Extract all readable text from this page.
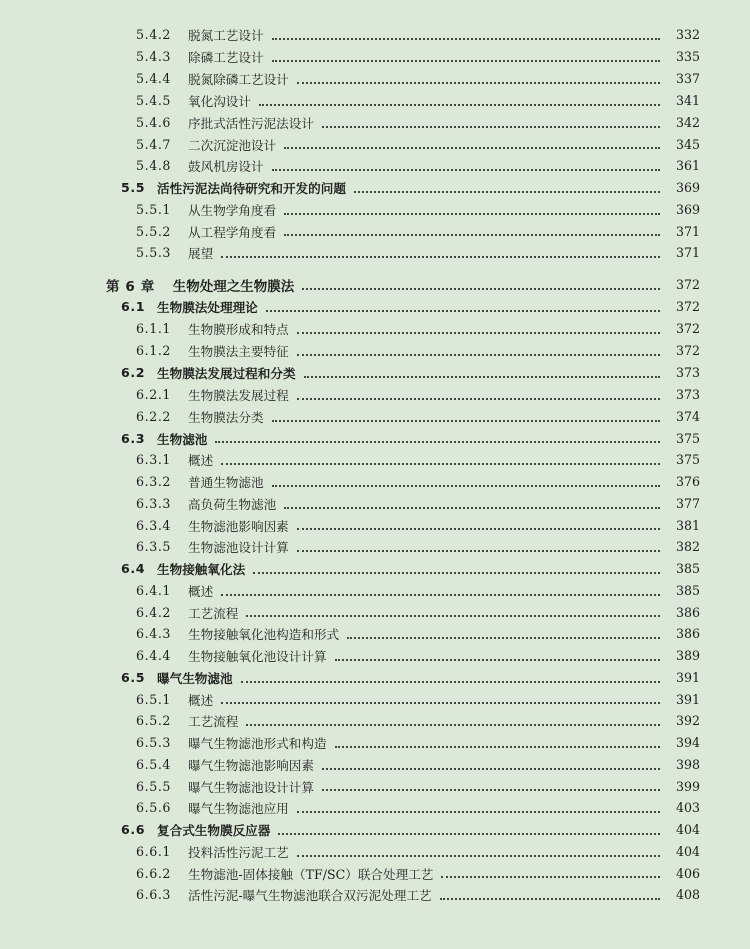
5.4.2	脱氮工艺设计	332
5.4.3	除磷工艺设计	335
5.4.4	脱氮除磷工艺设计	337
5.4.5	氧化沟设计	341
5.4.6	序批式活性污泥法设计	342
5.4.7	二次沉淀池设计	345
5.4.8	鼓风机房设计	361
5.5 活性污泥法尚待研究和开发的问题	369
5.5.1	从生物学角度看	369
5.5.2	从工程学角度看	371
5.5.3	展望	371
第 6 章 生物处理之生物膜法	372
6.1 生物膜法处理理论	372
6.1.1	生物膜形成和特点	372
6.1.2	生物膜法主要特征	372
6.2 生物膜法发展过程和分类	373
6.2.1	生物膜法发展过程	373
6.2.2	生物膜法分类	374
6.3 生物滤池	375
6.3.1	概述	375
6.3.2	普通生物滤池	376
6.3.3	高负荷生物滤池	377
6.3.4	生物滤池影响因素	381
6.3.5	生物滤池设计计算	382
6.4 生物接触氧化法	385
6.4.1	概述	385
6.4.2	工艺流程	386
6.4.3	生物接触氧化池构造和形式	386
6.4.4	生物接触氧化池设计计算	389
6.5 曝气生物滤池	391
6.5.1	概述	391
6.5.2	工艺流程	392
6.5.3	曝气生物滤池形式和构造	394
6.5.4	曝气生物滤池影响因素	398
6.5.5	曝气生物滤池设计计算	399
6.5.6	曝气生物滤池应用	403
6.6 复合式生物膜反应器	404
6.6.1	投料活性污泥工艺	404
6.6.2	生物滤池-固体接触（TF/SC）联合处理工艺	406
6.6.3	活性污泥-曝气生物滤池联合双污泥处理工艺	408
